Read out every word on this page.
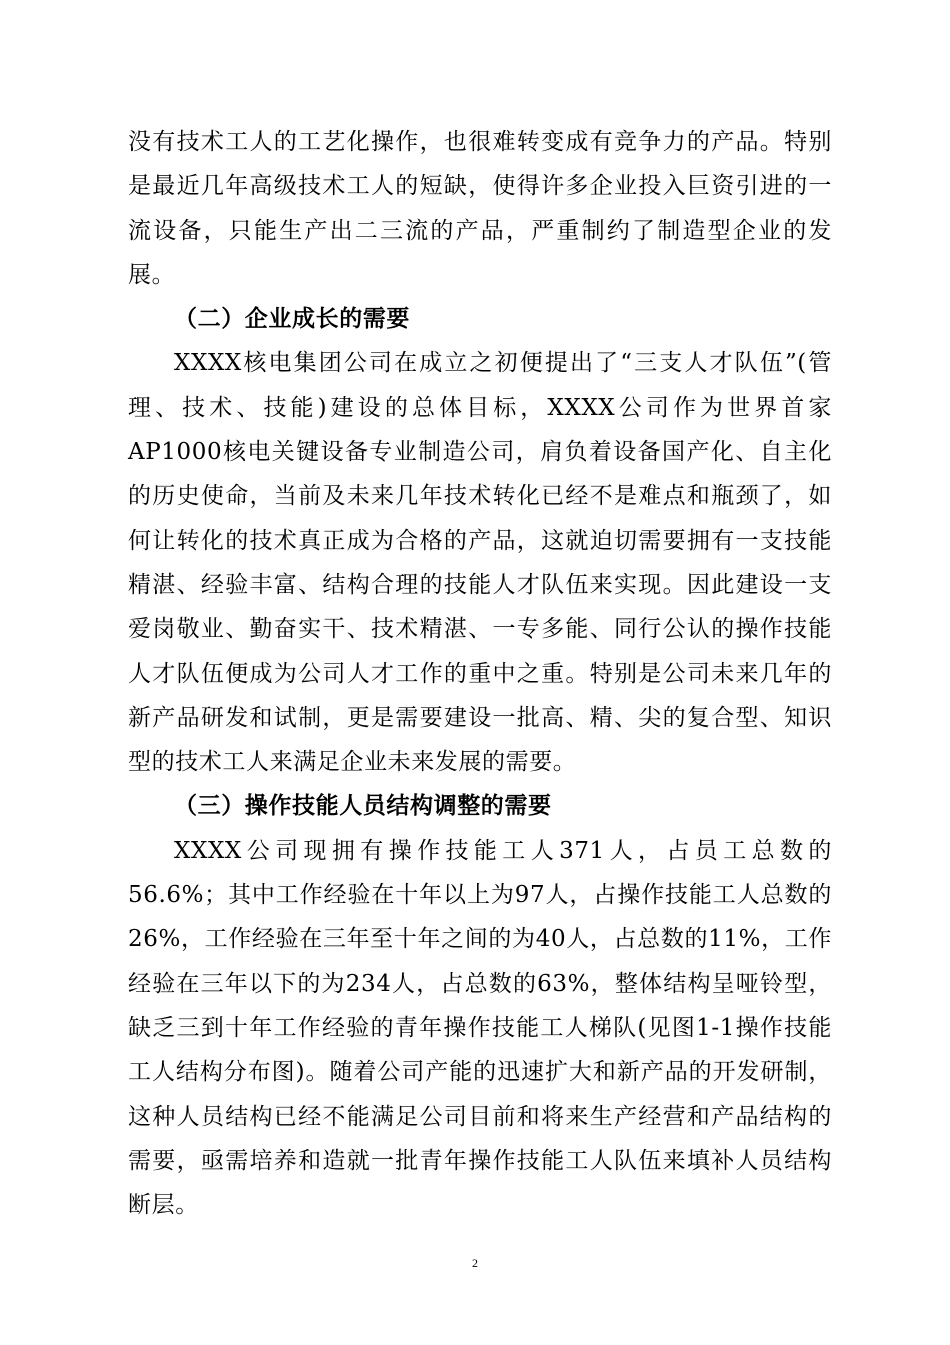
没有技术工人的工艺化操作，也很难转变成有竞争力的产品。特别是最近几年高级技术工人的短缺，使得许多企业投入巨资引进的一流设备，只能生产出二三流的产品，严重制约了制造型企业的发展。

（二）企业成长的需要

XXXX核电集团公司在成立之初便提出了“三支人才队伍”(管理、技术、技能)建设的总体目标，XXXX公司作为世界首家AP1000核电关键设备专业制造公司，肩负着设备国产化、自主化的历史使命，当前及未来几年技术转化已经不是难点和瓶颈了，如何让转化的技术真正成为合格的产品，这就迫切需要拥有一支技能精湛、经验丰富、结构合理的技能人才队伍来实现。因此建设一支爱岗敬业、勤奋实干、技术精湛、一专多能、同行公认的操作技能人才队伍便成为公司人才工作的重中之重。特别是公司未来几年的新产品研发和试制，更是需要建设一批高、精、尖的复合型、知识型的技术工人来满足企业未来发展的需要。

（三）操作技能人员结构调整的需要

XXXX公司现拥有操作技能工人371人，占员工总数的56.6%；其中工作经验在十年以上为97人，占操作技能工人总数的26%，工作经验在三年至十年之间的为40人，占总数的11%，工作经验在三年以下的为234人，占总数的63%，整体结构呈哑铃型，缺乏三到十年工作经验的青年操作技能工人梯队(见图1-1操作技能工人结构分布图)。随着公司产能的迅速扩大和新产品的开发研制，这种人员结构已经不能满足公司目前和将来生产经营和产品结构的需要，亟需培养和造就一批青年操作技能工人队伍来填补人员结构断层。

2
